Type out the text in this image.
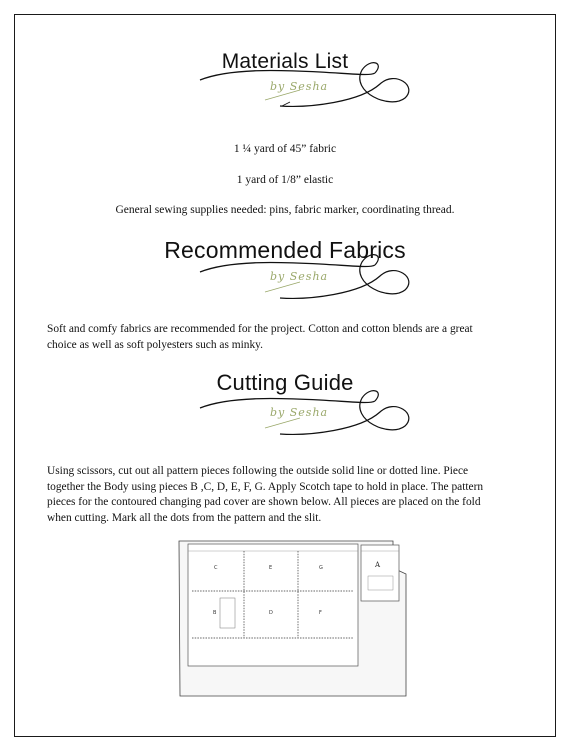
Materials List
by Sesha
1 ¼ yard of 45” fabric
1 yard of 1/8” elastic
General sewing supplies needed: pins, fabric marker, coordinating thread.
Recommended Fabrics
by Sesha
Soft and comfy fabrics are recommended for the project. Cotton and cotton blends are a great
choice as well as soft polyesters such as minky.
Cutting Guide
by Sesha
Using scissors, cut out all pattern pieces following the outside solid line or dotted line. Piece
together the Body using pieces B ,C, D, E, F, G. Apply Scotch tape to hold in place. The pattern
pieces for the contoured changing pad cover are shown below. All pieces are placed on the fold
when cutting. Mark all the dots from the pattern and the slit.
C	E	G
B	D	F
A
